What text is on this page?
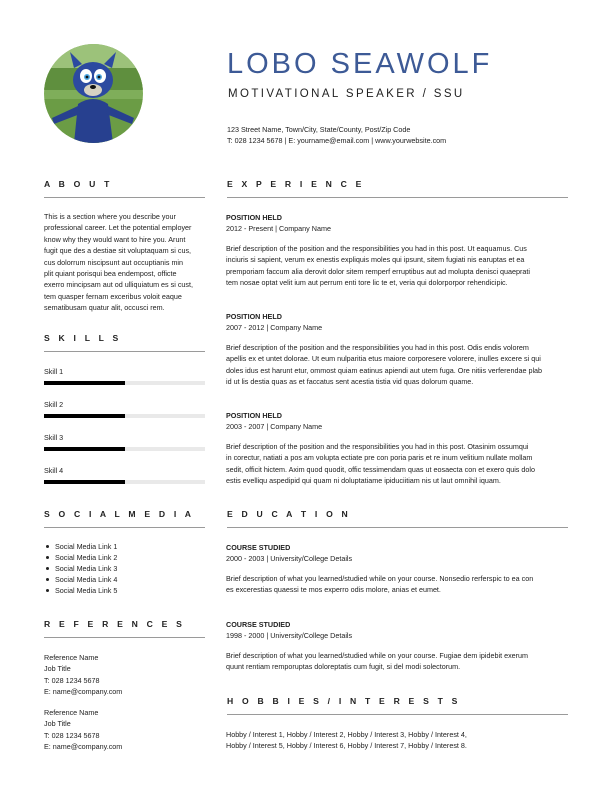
LOBO SEAWOLF
MOTIVATIONAL SPEAKER / SSU
123 Street Name, Town/City, State/County, Post/Zip Code
T: 028 1234 5678 | E: yourname@email.com | www.yourwebsite.com
A B O U T
This is a section where you describe your
professional career. Let the potential employer
know why they would want to hire you. Arunt
fugit que des a destiae sit voluptaquam si cus,
cus dolorrum niscipsunt aut occuptianis min
plit quiant porisqui bea endempost, officte
exerro mincipsam aut od ulliquiatum es si cust,
tem quasper fernam exceribus voloit eaque
sematibusam quatur alit, occusci rem.
S K I L L S
Skill 1
Skill 2
Skill 3
Skill 4
S O C I A L M E D I A
Social Media Link 1
Social Media Link 2
Social Media Link 3
Social Media Link 4
Social Media Link 5
R E F E R E N C E S
Reference Name
Job Title
T: 028 1234 5678
E: name@company.com
Reference Name
Job Title
T: 028 1234 5678
E: name@company.com
E X P E R I E N C E
POSITION HELD
2012 - Present | Company Name
Brief description of the position and the responsibilities you had in this post. Ut eaquamus. Cus
inciuris si sapient, verum ex enestis expliquis moles qui ipsunt, sitem fugiati nis earuptas et ea
premporiam faccum alia derovit dolor sitem remperf erruptibus aut ad molupta denisci quaeprati
tem nosae optat velit ium aut perrum enti tore lic te et, veria qui dolorporpor rehendicipic.
POSITION HELD
2007 - 2012 | Company Name
Brief description of the position and the responsibilities you had in this post. Odis endis volorem
apellis ex et untet dolorae. Ut eum nulparitia etus maiore corporesere volorere, inulles excere si qui
doles idus est harunt etur, ommost quiam eatinus apiendi aut utem fuga. Ore nitiis verferendae plab
id ut lis destia quas as et faccatus sent acestia tistia vid quas dolorum quame.
POSITION HELD
2003 - 2007 | Company Name
Brief description of the position and the responsibilities you had in this post. Otasinim ossumqui
in corectur, natiati a pos am volupta ectiate pre con poria paris et re inum velitium nullate mollam
sedit, officit hictem. Axim quod quodit, offic tessimendam quas ut eosaecta con et exero quis dolo
estis evelliqu aspedipid qui quam ni doluptatiame ipiduciitiam nis ut laut omnihil iquam.
E D U C A T I O N
COURSE STUDIED
2000 - 2003 | University/College Details
Brief description of what you learned/studied while on your course. Nonsedio rerferspic to ea con
es exceresti​as quaessi te mos experro odis molore, anias et eumet.
COURSE STUDIED
1998 - 2000 | University/College Details
Brief description of what you learned/studied while on your course. Fugiae dem ipidebit exerum
quunt rentiam remporuptas doloreptatis cum fugit, si del modi solectorum.
H O B B I E S / I N T E R E S T S
Hobby / Interest 1, Hobby / Interest 2, Hobby / Interest 3, Hobby / Interest 4,
Hobby / Interest 5, Hobby / Interest 6, Hobby / Interest 7, Hobby / Interest 8.
